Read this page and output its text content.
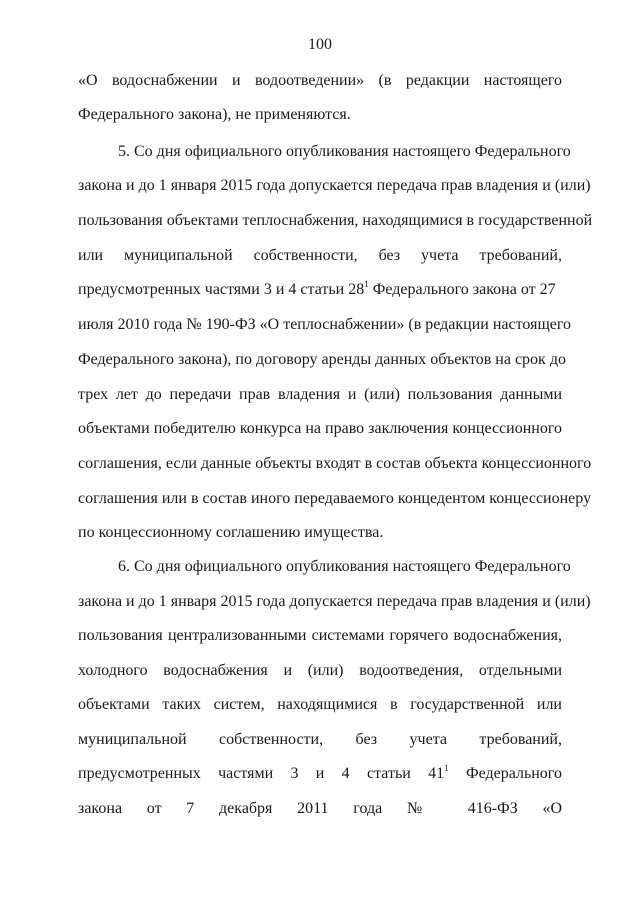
100
«О водоснабжении и водоотведении» (в редакции настоящего
Федерального закона), не применяются.
5. Со дня официального опубликования настоящего Федерального
закона и до 1 января 2015 года допускается передача прав владения и (или)
пользования объектами теплоснабжения, находящимися в государственной
или муниципальной собственности, без учета требований,
предусмотренных частями 3 и 4 статьи $28^1$ Федерального закона от 27
июля 2010 года № 190-ФЗ «О теплоснабжении» (в редакции настоящего
Федерального закона), по договору аренды данных объектов на срок до
трех лет до передачи прав владения и (или) пользования данными
объектами победителю конкурса на право заключения концессионного
соглашения, если данные объекты входят в состав объекта концессионного
соглашения или в состав иного передаваемого концедентом концессионеру
по концессионному соглашению имущества.
6. Со дня официального опубликования настоящего Федерального
закона и до 1 января 2015 года допускается передача прав владения и (или)
пользования централизованными системами горячего водоснабжения,
холодного водоснабжения и (или) водоотведения, отдельными
объектами таких систем, находящимися в государственной или
муниципальной собственности, без учета требований,
предусмотренных частями 3 и 4 статьи $41^1$ Федерального
закона от 7 декабря 2011 года № 416-ФЗ «О
